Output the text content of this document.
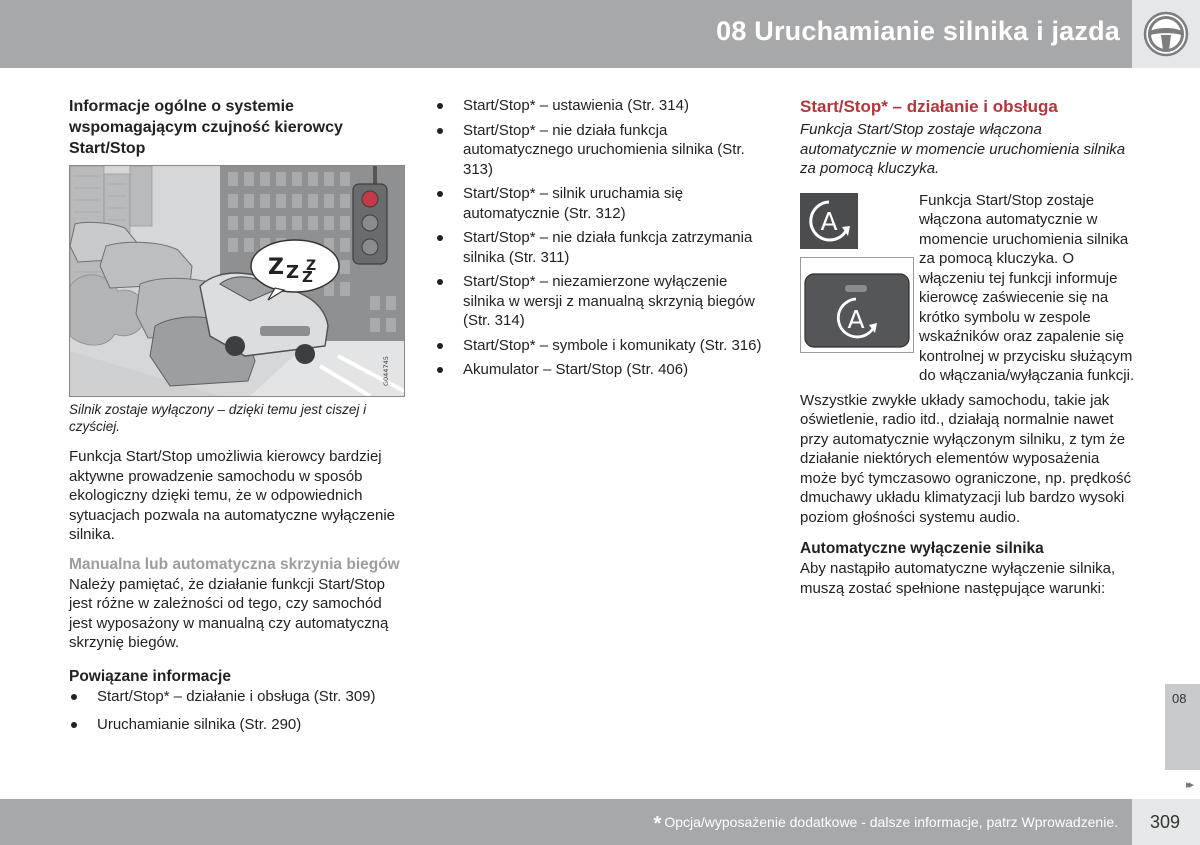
08 Uruchamianie silnika i jazda
Informacje ogólne o systemie wspomagającym czujność kierowcy Start/Stop
Z Z Z
Z
G044745
Silnik zostaje wyłączony – dzięki temu jest ciszej i czyściej.

Funkcja Start/Stop umożliwia kierowcy bardziej aktywne prowadzenie samochodu w sposób ekologiczny dzięki temu, że w odpowiednich sytuacjach pozwala na automatyczne wyłączenie silnika.

Manualna lub automatyczna skrzynia biegów

Należy pamiętać, że działanie funkcji Start/Stop jest różne w zależności od tego, czy samochód jest wyposażony w manualną czy automatyczną skrzynię biegów.

Powiązane informacje
Start/Stop* – działanie i obsługa (Str. 309)
Uruchamianie silnika (Str. 290)
Start/Stop* – ustawienia (Str. 314)
Start/Stop* – nie działa funkcja automatycznego uruchomienia silnika (Str. 313)
Start/Stop* – silnik uruchamia się automatycznie (Str. 312)
Start/Stop* – nie działa funkcja zatrzymania silnika (Str. 311)
Start/Stop* – niezamierzone wyłączenie silnika w wersji z manualną skrzynią biegów (Str. 314)
Start/Stop* – symbole i komunikaty (Str. 316)
Akumulator – Start/Stop (Str. 406)
Start/Stop* – działanie i obsługa
Funkcja Start/Stop zostaje włączona automatycznie w momencie uruchomienia silnika za pomocą kluczyka.
A
A

Funkcja Start/Stop zostaje włączona automatycznie w momencie uruchomienia silnika za pomocą kluczyka. O włączeniu tej funkcji informuje kierowcę zaświecenie się na krótko symbolu w zespole wskaźników oraz zapalenie się kontrolnej w przycisku służącym do włączania/wyłączania funkcji.

Wszystkie zwykłe układy samochodu, takie jak oświetlenie, radio itd., działają normalnie nawet przy automatycznie wyłączonym silniku, z tym że działanie niektórych elementów wyposażenia może być tymczasowo ograniczone, np. prędkość dmuchawy układu klimatyzacji lub bardzo wysoki poziom głośności systemu audio.

Automatyczne wyłączenie silnika

Aby nastąpiło automatyczne wyłączenie silnika, muszą zostać spełnione następujące warunki:

08
▸▸
* Opcja/wyposażenie dodatkowe - dalsze informacje, patrz Wprowadzenie. 309
